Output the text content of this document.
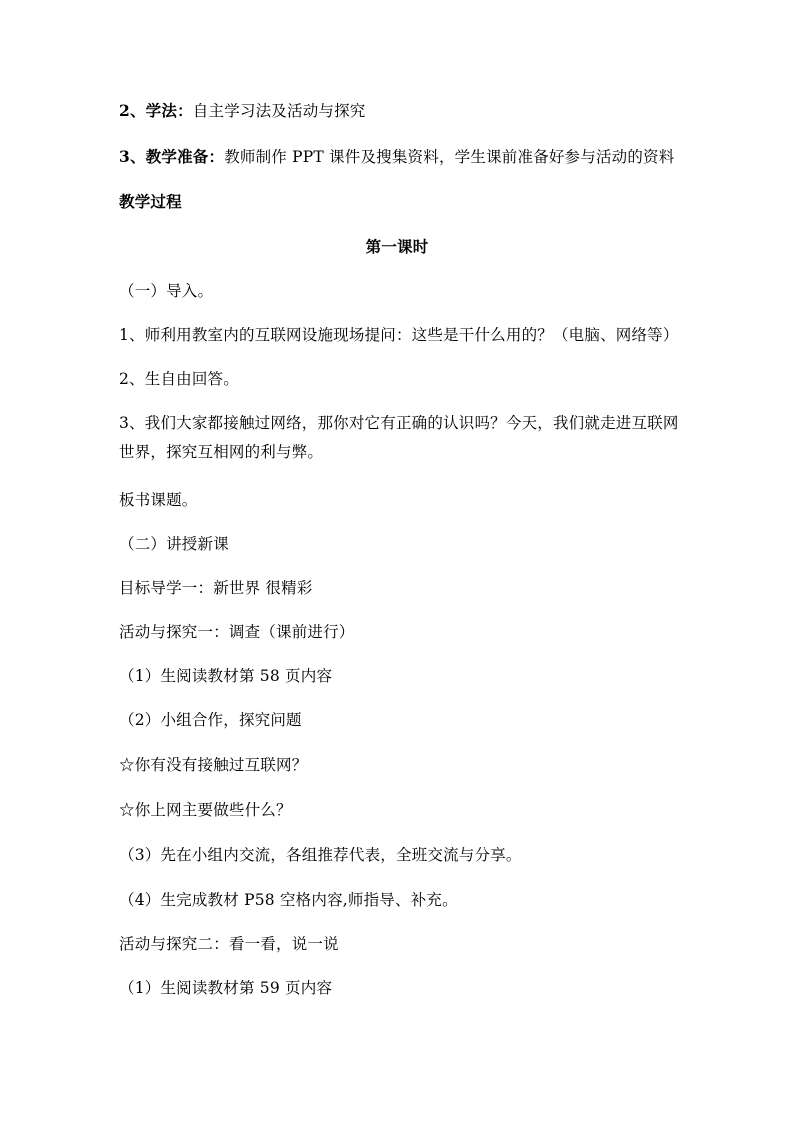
2、学法：自主学习法及活动与探究
3、教学准备：教师制作 PPT 课件及搜集资料，学生课前准备好参与活动的资料
教学过程
第一课时
（一）导入。
1、师利用教室内的互联网设施现场提问：这些是干什么用的？（电脑、网络等）
2、生自由回答。
3、我们大家都接触过网络，那你对它有正确的认识吗？今天，我们就走进互联网世界，探究互相网的利与弊。
板书课题。
（二）讲授新课
目标导学一：新世界 很精彩
活动与探究一：调查（课前进行）
（1）生阅读教材第 58 页内容
（2）小组合作，探究问题
☆你有没有接触过互联网？
☆你上网主要做些什么？
（3）先在小组内交流，各组推荐代表，全班交流与分享。
（4）生完成教材 P58 空格内容,师指导、补充。
活动与探究二：看一看，说一说
（1）生阅读教材第 59 页内容
